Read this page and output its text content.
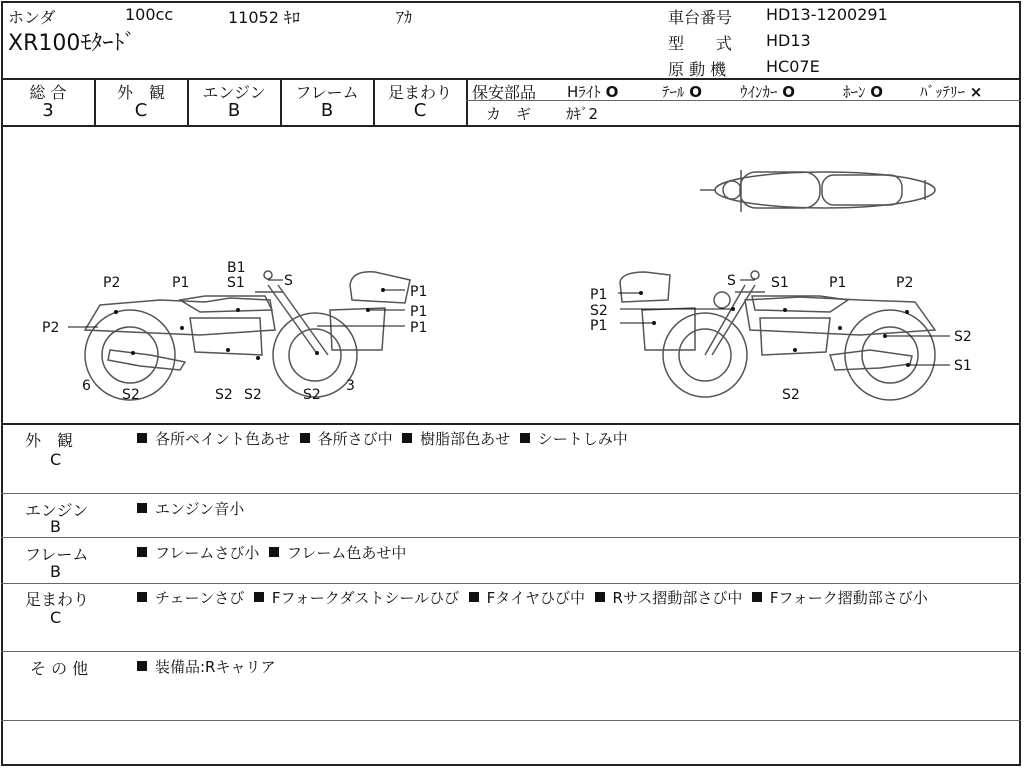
ホンダ	100cc	11052 ｷﾛ	ｱｶ
XR100ﾓﾀｰﾄﾞ
車台番号 HD13-1200291
型　　式 HD13
原 動 機 HC07E
総 合
3
外　観
C
エンジン
B
フレーム
B
足まわり
C
保安部品 Hﾗｲﾄ O	ﾃｰﾙ O	ｳｲﾝｶｰ O	ﾎｰﾝ O ﾊﾞｯﾃﾘｰ ×
カ　ギ ｶｷﾞ2
B1
S1	S
P2	P1
P2
P1
P1
P1
6
S2	S2 S2	S2
3
S	S1	P1	P2
P1
S2
P1
S2
S1
S2
外　観
C
各所ペイント色あせ 各所さび中 樹脂部色あせ シートしみ中
エンジン
B
エンジン音小
フレーム
B
フレームさび小 フレーム色あせ中
足まわり
C
チェーンさび Fフォークダストシールひび Fタイヤひび中 Rサス摺動部さび中 Fフォーク摺動部さび小
そ の 他	装備品:Rキャリア
